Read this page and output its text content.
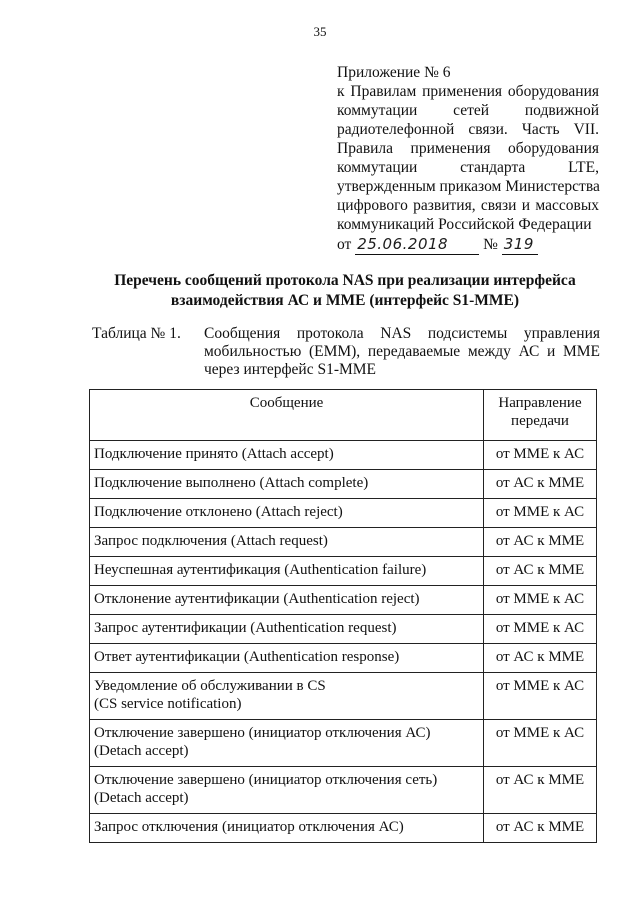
35
Приложение № 6
к Правилам применения оборудования
коммутации сетей подвижной
радиотелефонной связи. Часть VII.
Правила применения оборудования
коммутации стандарта LTE,
утвержденным приказом Министерства
цифрового развития, связи и массовых
коммуникаций Российской Федерации
от 25.06.2018 № 319
Перечень сообщений протокола NAS при реализации интерфейса
взаимодействия АС и MME (интерфейс S1-MME)
Таблица № 1.	Сообщения протокола NAS подсистемы управления мобильностью (EMM), передаваемые между АС и MME через интерфейс S1-MME
Сообщение	Направление передачи
Подключение принято (Attach accept)	от MME к АС
Подключение выполнено (Attach complete)	от АС к MME
Подключение отклонено (Attach reject)	от MME к АС
Запрос подключения (Attach request)	от АС к MME
Неуспешная аутентификация (Authentication failure)	от АС к MME
Отклонение аутентификации (Authentication reject)	от MME к АС
Запрос аутентификации (Authentication request)	от MME к АС
Ответ аутентификации (Authentication response)	от АС к MME
Уведомление об обслуживании в CS
(CS service notification)	от MME к АС
Отключение завершено (инициатор отключения АС)
(Detach accept)	от MME к АС
Отключение завершено (инициатор отключения сеть)
(Detach accept)	от АС к MME
Запрос отключения (инициатор отключения АС)	от АС к MME
